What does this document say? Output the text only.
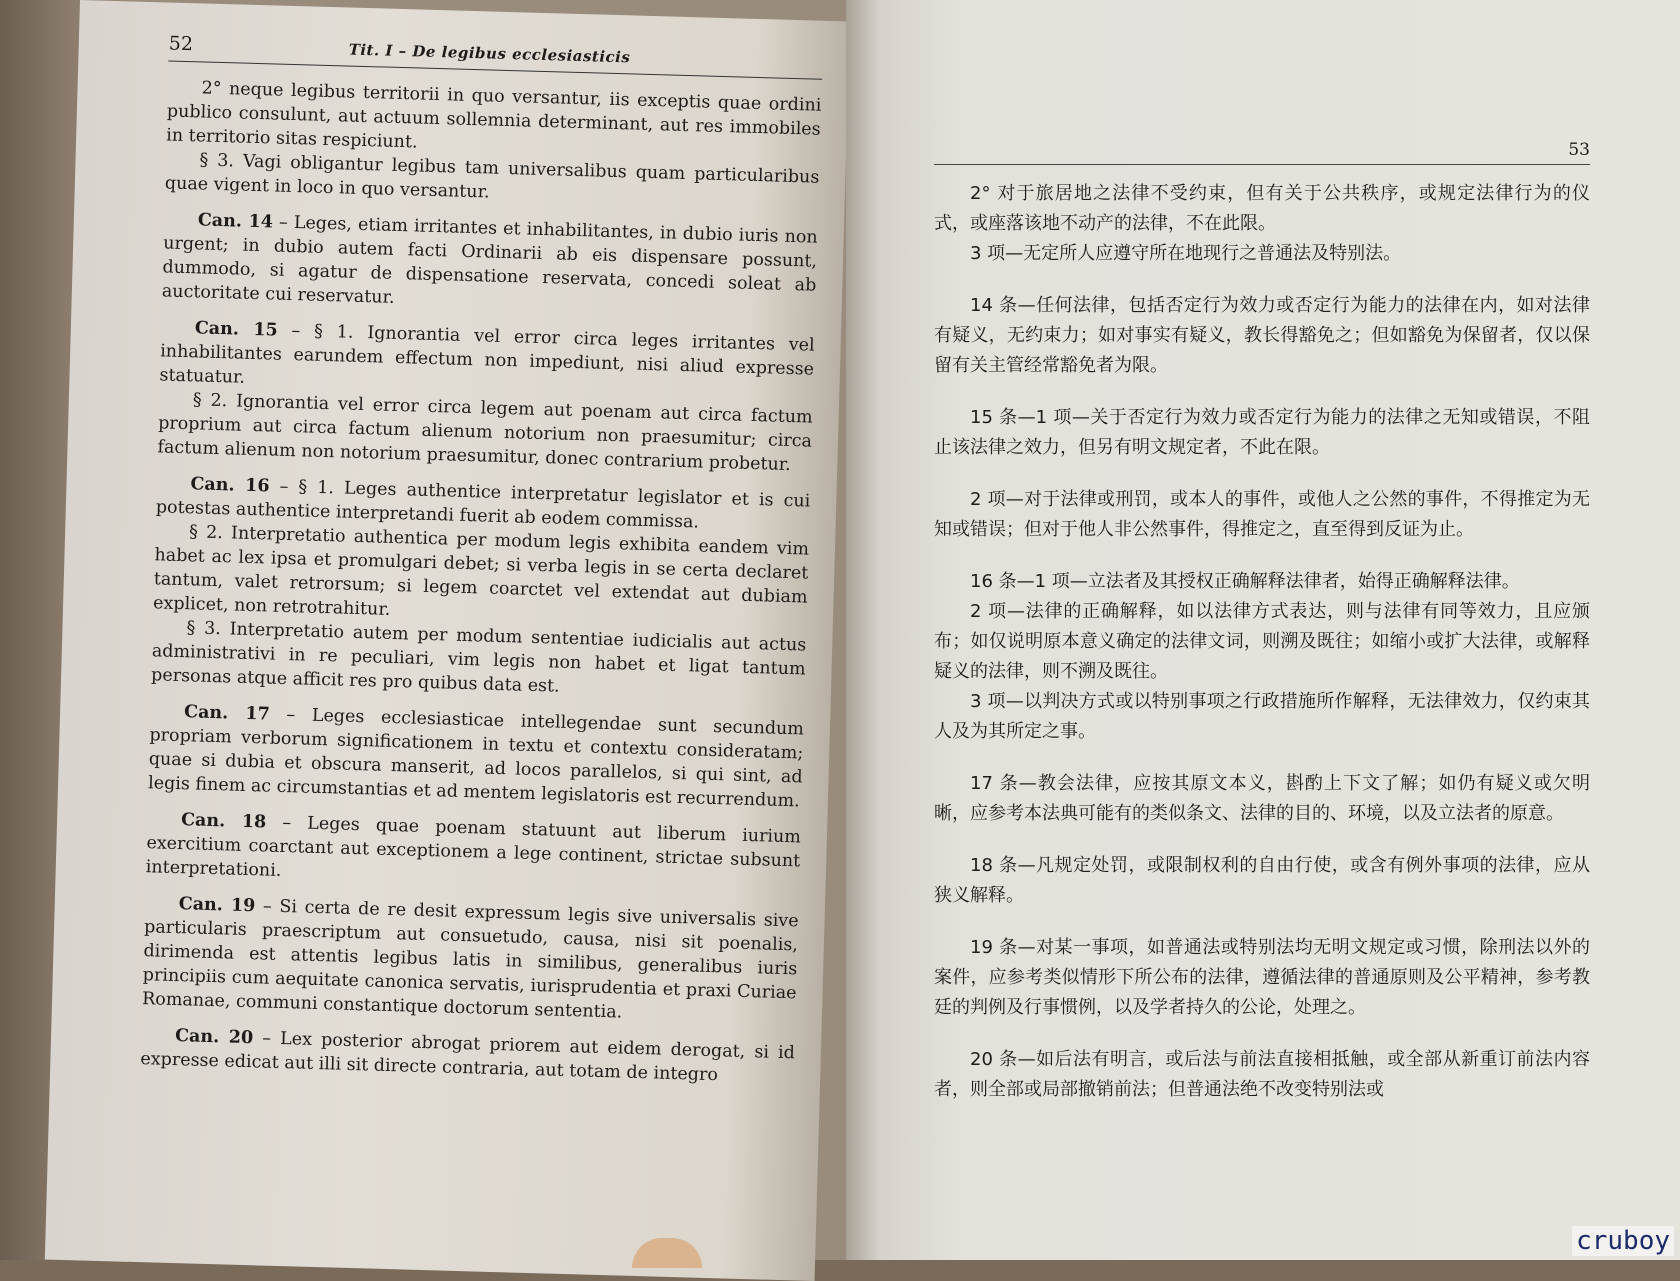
52	Tit. I – De legibus ecclesiasticis

2° neque legibus territorii in quo versantur, iis exceptis quae ordini publico consulunt, aut actuum sollemnia determinant, aut res immobiles in territorio sitas respiciunt.

§ 3. Vagi obligantur legibus tam universalibus quam particularibus quae vigent in loco in quo versantur.

Can. 14 – Leges, etiam irritantes et inhabilitantes, in dubio iuris non urgent; in dubio autem facti Ordinarii ab eis dispensare possunt, dummodo, si agatur de dispensatione reservata, concedi soleat ab auctoritate cui reservatur.

Can. 15 – § 1. Ignorantia vel error circa leges irritantes vel inhabilitantes earundem effectum non impediunt, nisi aliud expresse statuatur.

§ 2. Ignorantia vel error circa legem aut poenam aut circa factum proprium aut circa factum alienum notorium non praesumitur; circa factum alienum non notorium praesumitur, donec contrarium probetur.

Can. 16 – § 1. Leges authentice interpretatur legislator et is cui potestas authentice interpretandi fuerit ab eodem commissa.

§ 2. Interpretatio authentica per modum legis exhibita eandem vim habet ac lex ipsa et promulgari debet; si verba legis in se certa declaret tantum, valet retrorsum; si legem coarctet vel extendat aut dubiam explicet, non retrotrahitur.

§ 3. Interpretatio autem per modum sententiae iudicialis aut actus administrativi in re peculiari, vim legis non habet et ligat tantum personas atque afficit res pro quibus data est.

Can. 17 – Leges ecclesiasticae intellegendae sunt secundum propriam verborum significationem in textu et contextu consideratam; quae si dubia et obscura manserit, ad locos parallelos, si qui sint, ad legis finem ac circumstantias et ad mentem legislatoris est recurrendum.

Can. 18 – Leges quae poenam statuunt aut liberum iurium exercitium coarctant aut exceptionem a lege continent, strictae subsunt interpretationi.

Can. 19 – Si certa de re desit expressum legis sive universalis sive particularis praescriptum aut consuetudo, causa, nisi sit poenalis, dirimenda est attentis legibus latis in similibus, generalibus iuris principiis cum aequitate canonica servatis, iurisprudentia et praxi Curiae Romanae, communi constantique doctorum sententia.

Can. 20 – Lex posterior abrogat priorem aut eidem derogat, si id expresse edicat aut illi sit directe contraria, aut totam de integro

53

2° 对于旅居地之法律不受约束，但有关于公共秩序，或规定法律行为的仪式，或座落该地不动产的法律，不在此限。

3 项—无定所人应遵守所在地现行之普通法及特别法。

14 条—任何法律，包括否定行为效力或否定行为能力的法律在内，如对法律有疑义，无约束力；如对事实有疑义，教长得豁免之；但如豁免为保留者，仅以保留有关主管经常豁免者为限。

15 条—1 项—关于否定行为效力或否定行为能力的法律之无知或错误，不阻止该法律之效力，但另有明文规定者，不此在限。

2 项—对于法律或刑罚，或本人的事件，或他人之公然的事件，不得推定为无知或错误；但对于他人非公然事件，得推定之，直至得到反证为止。

16 条—1 项—立法者及其授权正确解释法律者，始得正确解释法律。

2 项—法律的正确解释，如以法律方式表达，则与法律有同等效力，且应颁布；如仅说明原本意义确定的法律文词，则溯及既往；如缩小或扩大法律，或解释疑义的法律，则不溯及既往。

3 项—以判决方式或以特别事项之行政措施所作解释，无法律效力，仅约束其人及为其所定之事。

17 条—教会法律，应按其原文本义，斟酌上下文了解；如仍有疑义或欠明晰，应参考本法典可能有的类似条文、法律的目的、环境，以及立法者的原意。

18 条—凡规定处罚，或限制权利的自由行使，或含有例外事项的法律，应从狭义解释。

19 条—对某一事项，如普通法或特别法均无明文规定或习惯，除刑法以外的案件，应参考类似情形下所公布的法律，遵循法律的普通原则及公平精神，参考教廷的判例及行事惯例，以及学者持久的公论，处理之。

20 条—如后法有明言，或后法与前法直接相抵触，或全部从新重订前法内容者，则全部或局部撤销前法；但普通法绝不改变特别法或

cruboy
